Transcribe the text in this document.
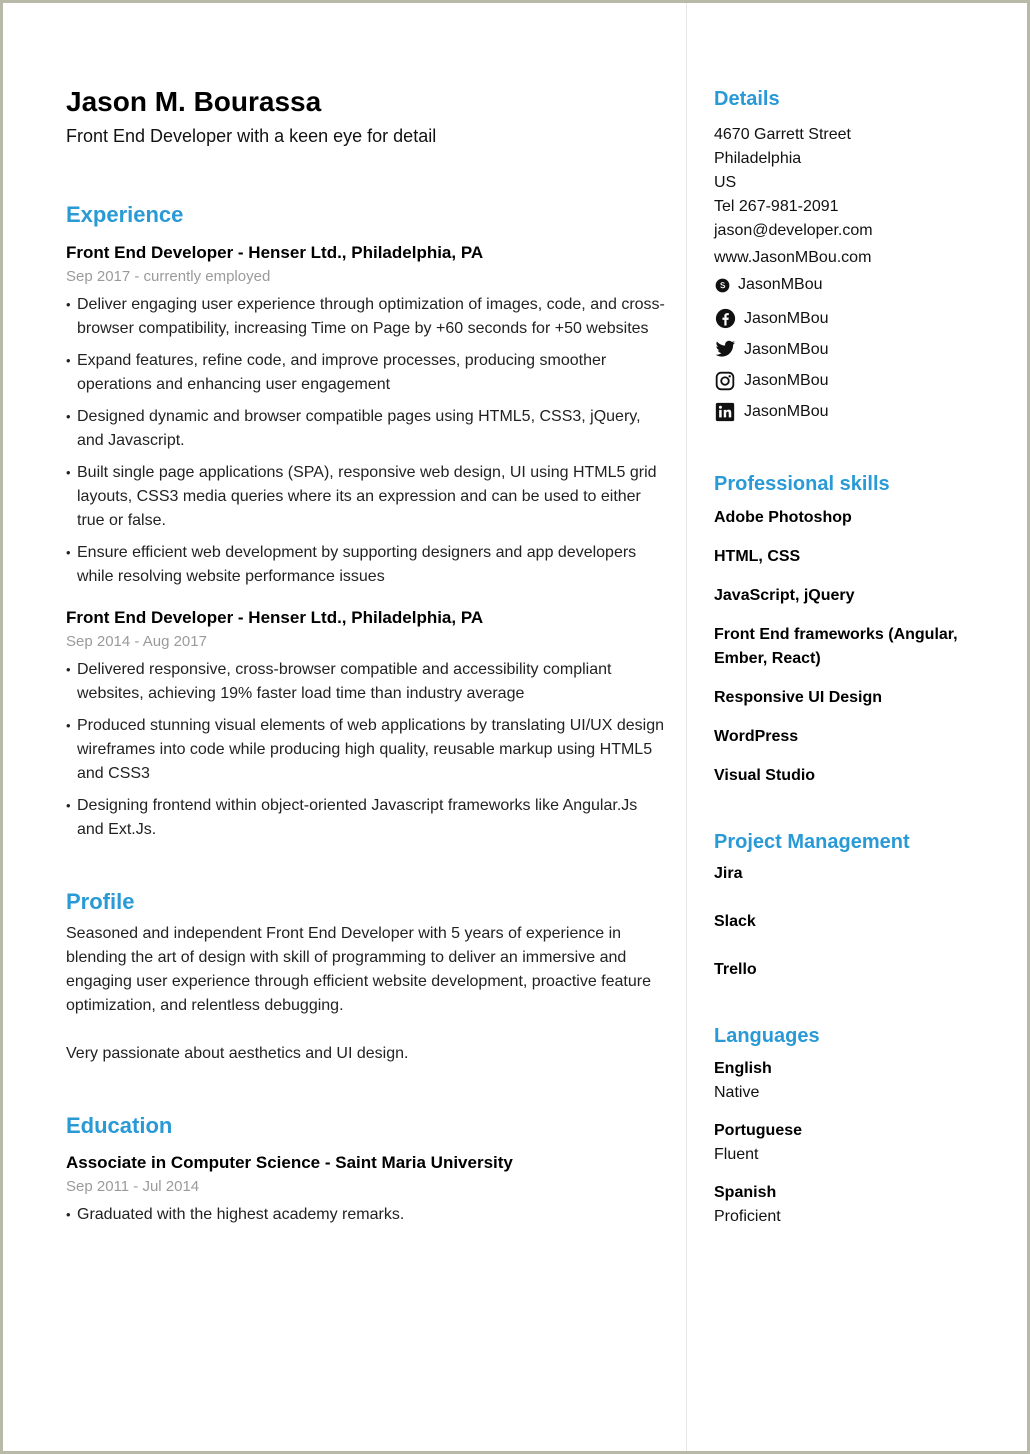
Jason M. Bourassa
Front End Developer with a keen eye for detail
Experience
Front End Developer - Henser Ltd., Philadelphia, PA
Sep 2017 - currently employed
• Deliver engaging user experience through optimization of images, code, and cross-browser compatibility, increasing Time on Page by +60 seconds for +50 websites
• Expand features, refine code, and improve processes, producing smoother operations and enhancing user engagement
• Designed dynamic and browser compatible pages using HTML5, CSS3, jQuery, and Javascript.
• Built single page applications (SPA), responsive web design, UI using HTML5 grid layouts, CSS3 media queries where its an expression and can be used to either true or false.
• Ensure efficient web development by supporting designers and app developers while resolving website performance issues
Front End Developer - Henser Ltd., Philadelphia, PA
Sep 2014 - Aug 2017
• Delivered responsive, cross-browser compatible and accessibility compliant websites, achieving 19% faster load time than industry average
• Produced stunning visual elements of web applications by translating UI/UX design wireframes into code while producing high quality, reusable markup using HTML5 and CSS3
• Designing frontend within object-oriented Javascript frameworks like Angular.Js and Ext.Js.
Profile
Seasoned and independent Front End Developer with 5 years of experience in blending the art of design with skill of programming to deliver an immersive and engaging user experience through efficient website development, proactive feature optimization, and relentless debugging.
Very passionate about aesthetics and UI design.
Education
Associate in Computer Science - Saint Maria University
Sep 2011 - Jul 2014
• Graduated with the highest academy remarks.
Details
4670 Garrett Street
Philadelphia
US
Tel 267-981-2091
jason@developer.com
www.JasonMBou.com
JasonMBou
JasonMBou
JasonMBou
JasonMBou
JasonMBou
Professional skills
Adobe Photoshop
HTML, CSS
JavaScript, jQuery
Front End frameworks (Angular, Ember, React)
Responsive UI Design
WordPress
Visual Studio
Project Management
Jira
Slack
Trello
Languages
English
Native
Portuguese
Fluent
Spanish
Proficient
